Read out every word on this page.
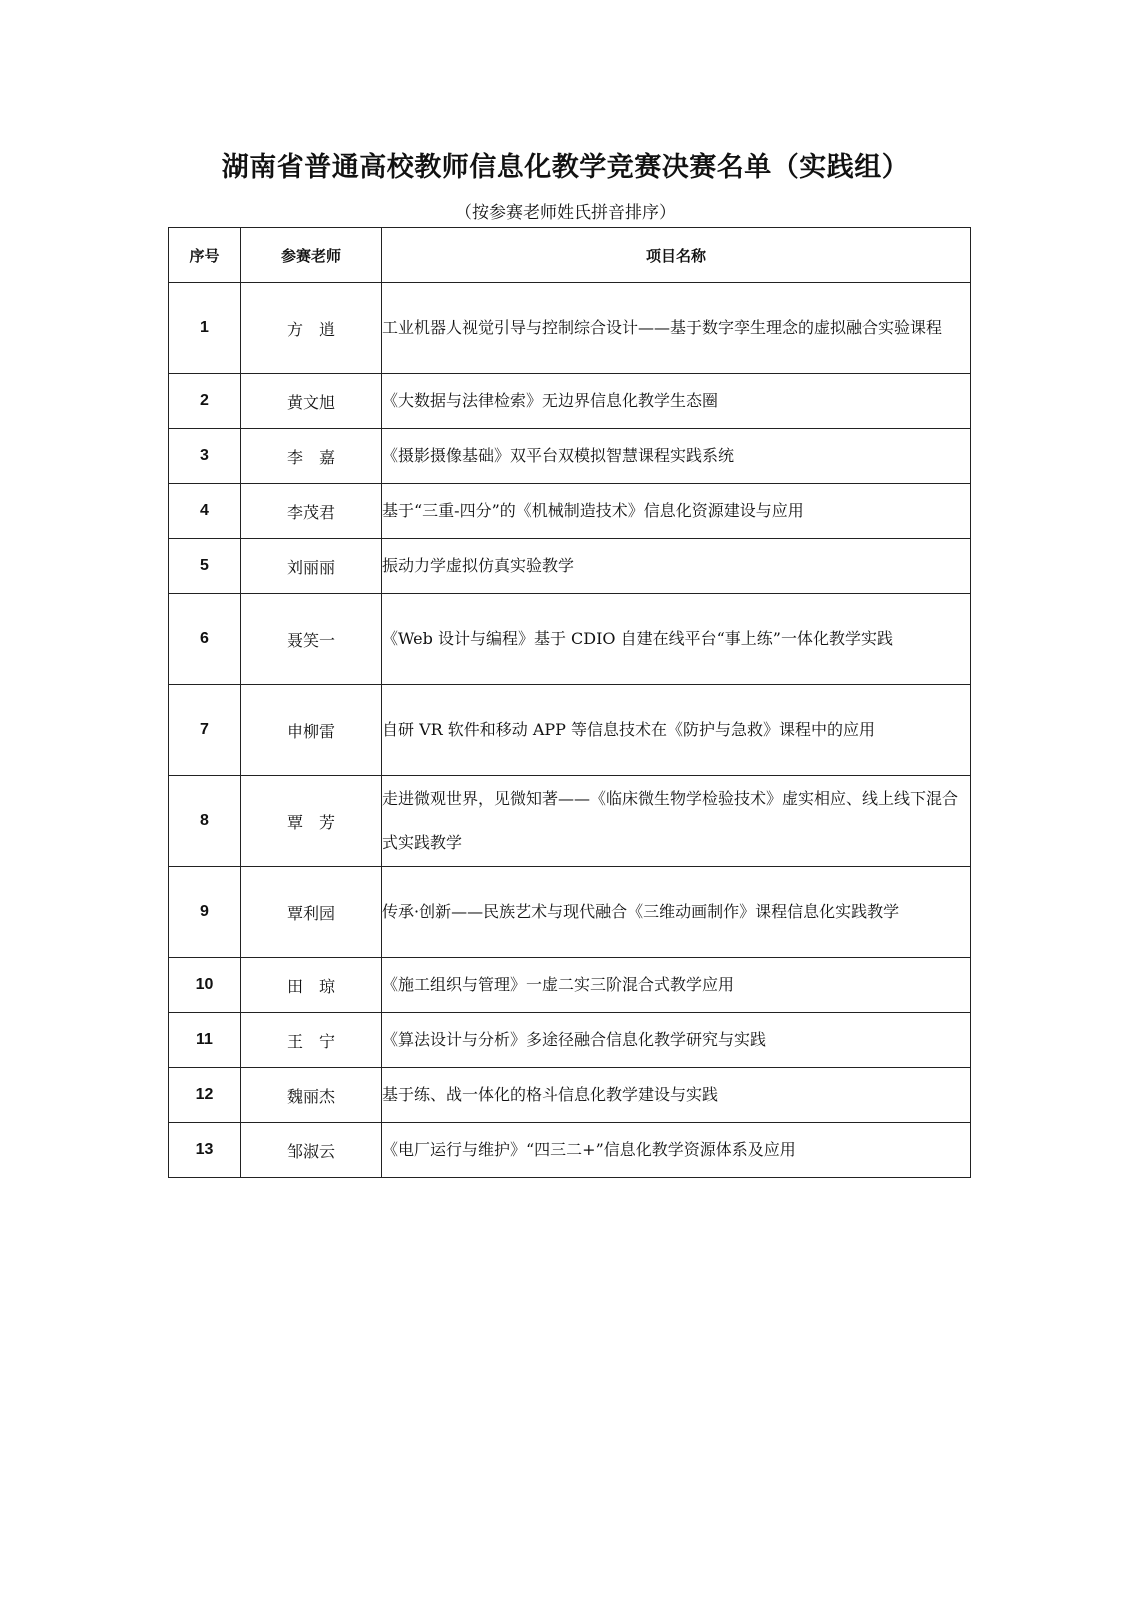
湖南省普通高校教师信息化教学竞赛决赛名单（实践组）
（按参赛老师姓氏拼音排序）
序号	参赛老师	项目名称
1	方　逍	工业机器人视觉引导与控制综合设计——基于数字孪生理念的虚拟融合实验课程
2	黄文旭	《大数据与法律检索》无边界信息化教学生态圈
3	李　嘉	《摄影摄像基础》双平台双模拟智慧课程实践系统
4	李茂君	基于“三重-四分”的《机械制造技术》信息化资源建设与应用
5	刘丽丽	振动力学虚拟仿真实验教学
6	聂笑一	《Web 设计与编程》基于 CDIO 自建在线平台“事上练”一体化教学实践
7	申柳雷	自研 VR 软件和移动 APP 等信息技术在《防护与急救》课程中的应用
8	覃　芳	走进微观世界，见微知著——《临床微生物学检验技术》虚实相应、线上线下混合式实践教学
9	覃利园	传承·创新——民族艺术与现代融合《三维动画制作》课程信息化实践教学
10	田　琼	《施工组织与管理》一虚二实三阶混合式教学应用
11	王　宁	《算法设计与分析》多途径融合信息化教学研究与实践
12	魏丽杰	基于练、战一体化的格斗信息化教学建设与实践
13	邹淑云	《电厂运行与维护》“四三二+”信息化教学资源体系及应用
